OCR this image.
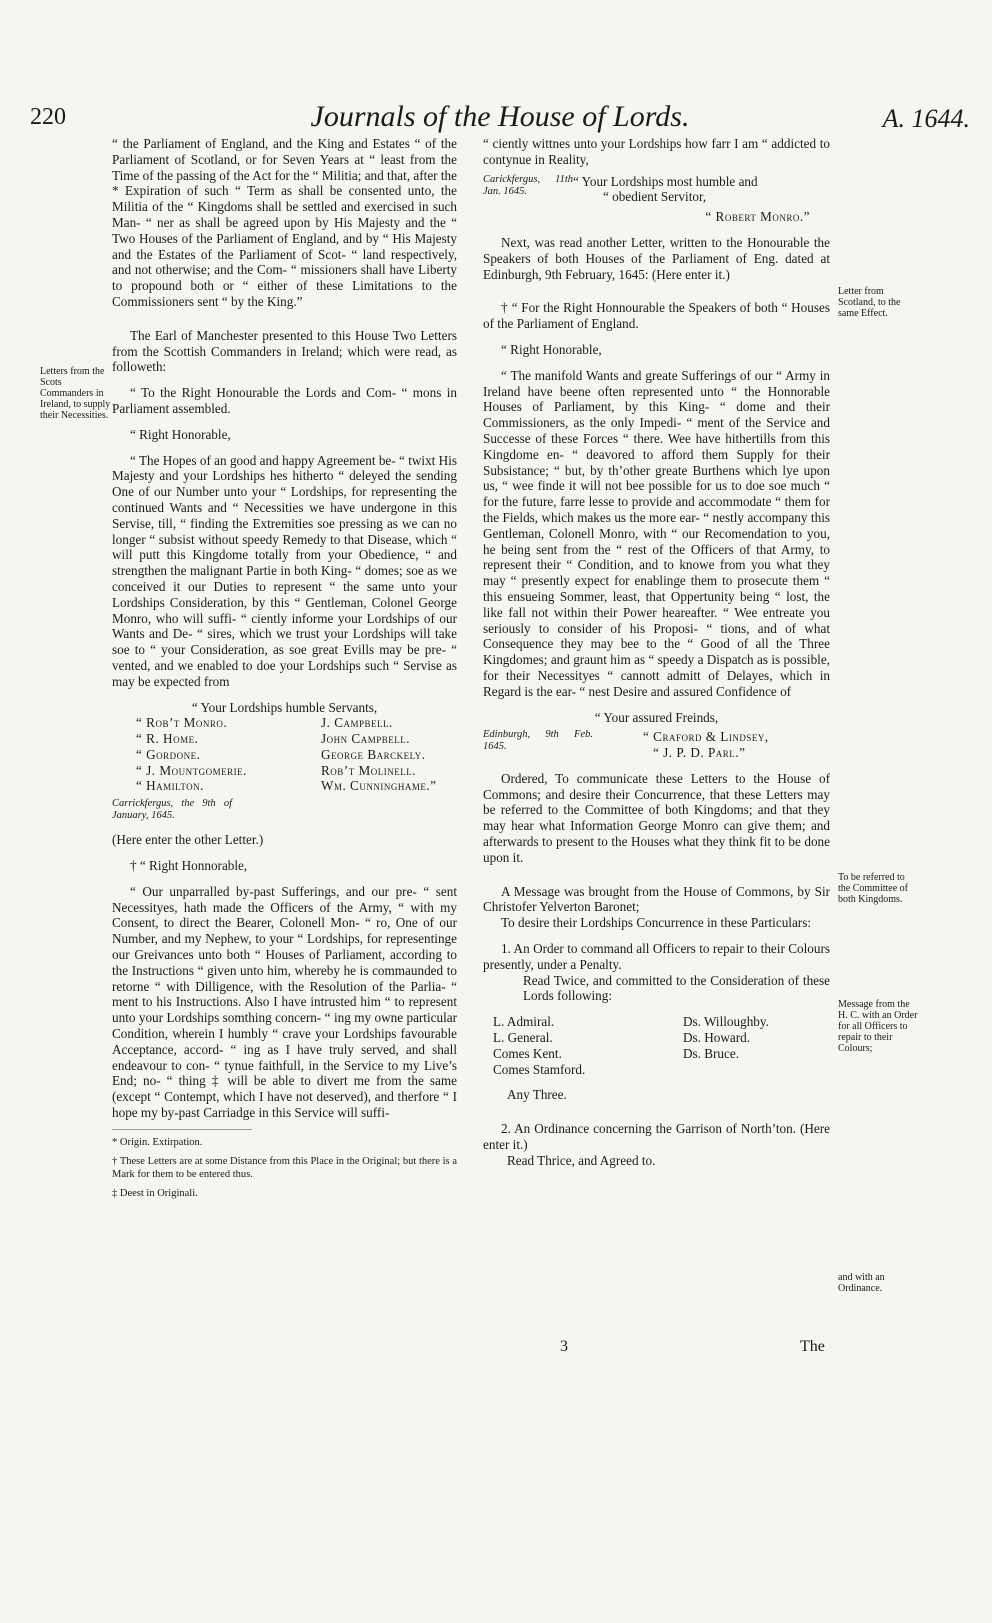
220	Journals of the House of Lords.	A. 1644.
Letters from the Scots Commanders in Ireland, to supply their Necessities.
Letter from Scotland, to the same Effect.
To be referred to the Committee of both Kingdoms.
Message from the H. C. with an Order for all Officers to repair to their Colours;
and with an Ordinance.

“ the Parliament of England, and the King and Estates “ of the Parliament of Scotland, or for Seven Years at “ least from the Time of the passing of the Act for the “ Militia; and that, after the * Expiration of such “ Term as shall be consented unto, the Militia of the “ Kingdoms shall be settled and exercised in such Man- “ ner as shall be agreed upon by His Majesty and the “ Two Houses of the Parliament of England, and by “ His Majesty and the Estates of the Parliament of Scot- “ land respectively, and not otherwise; and the Com- “ missioners shall have Liberty to propound both or “ either of these Limitations to the Commissioners sent “ by the King.”

The Earl of Manchester presented to this House Two Letters from the Scottish Commanders in Ireland; which were read, as followeth:

“ To the Right Honourable the Lords and Com- “ mons in Parliament assembled.

“ Right Honorable,

“ The Hopes of an good and happy Agreement be- “ twixt His Majesty and your Lordships hes hitherto “ deleyed the sending One of our Number unto your “ Lordships, for representing the continued Wants and “ Necessities we have undergone in this Servise, till, “ finding the Extremities soe pressing as we can no longer “ subsist without speedy Remedy to that Disease, which “ will putt this Kingdome totally from your Obedience, “ and strengthen the malignant Partie in both King- “ domes; soe as we conceived it our Duties to represent “ the same unto your Lordships Consideration, by this “ Gentleman, Colonel George Monro, who will suffi- “ ciently informe your Lordships of our Wants and De- “ sires, which we trust your Lordships will take soe to “ your Consideration, as soe great Evills may be pre- “ vented, and we enabled to doe your Lordships such “ Servise as may be expected from

“ Your Lordships humble Servants,

“ Rob’t Monro.	J. Campbell.
“ R. Home.	John Campbell.
“ Gordone.	George Barckely.
“ J. Mountgomerie.	Rob’t Molinell.
“ Hamilton.	Wm. Cunninghame.”
Carrickfergus, the 9th of January, 1645.

(Here enter the other Letter.)

† “ Right Honnorable,

“ Our unparralled by-past Sufferings, and our pre- “ sent Necessityes, hath made the Officers of the Army, “ with my Consent, to direct the Bearer, Colonell Mon- “ ro, One of our Number, and my Nephew, to your “ Lordships, for representinge our Greivances unto both “ Houses of Parliament, according to the Instructions “ given unto him, whereby he is commaunded to retorne “ with Dilligence, with the Resolution of the Parlia- “ ment to his Instructions. Also I have intrusted him “ to represent unto your Lordships somthing concern- “ ing my owne particular Condition, wherein I humbly “ crave your Lordships favourable Acceptance, accord- “ ing as I have truly served, and shall endeavour to con- “ tynue faithfull, in the Service to my Live’s End; no- “ thing ‡ will be able to divert me from the same (except “ Contempt, which I have not deserved), and therfore “ I hope my by-past Carriadge in this Service will suffi-

* Origin. Extirpation.

† These Letters are at some Distance from this Place in the Original; but there is a Mark for them to be entered thus.

‡ Deest in Originali.

“ ciently wittnes unto your Lordships how farr I am “ addicted to contynue in Reality,

Carickfergus, 11th Jan. 1645.
“ Your Lordships most humble and
“ obedient Servitor,
“ Robert Monro.”

Next, was read another Letter, written to the Honourable the Speakers of both Houses of the Parliament of Eng. dated at Edinburgh, 9th February, 1645: (Here enter it.)

† “ For the Right Honnourable the Speakers of both “ Houses of the Parliament of England.

“ Right Honorable,

“ The manifold Wants and greate Sufferings of our “ Army in Ireland have beene often represented unto “ the Honnorable Houses of Parliament, by this King- “ dome and their Commissioners, as the only Impedi- “ ment of the Service and Successe of these Forces “ there. Wee have hithertills from this Kingdome en- “ deavored to afford them Supply for their Subsistance; “ but, by th’other greate Burthens which lye upon us, “ wee finde it will not bee possible for us to doe soe much “ for the future, farre lesse to provide and accommodate “ them for the Fields, which makes us the more ear- “ nestly accompany this Gentleman, Colonell Monro, with “ our Recomendation to you, he being sent from the “ rest of the Officers of that Army, to represent their “ Condition, and to knowe from you what they may “ presently expect for enablinge them to prosecute them “ this ensueing Sommer, least, that Oppertunity being “ lost, the like fall not within their Power heareafter. “ Wee entreate you seriously to consider of his Proposi- “ tions, and of what Consequence they may bee to the “ Good of all the Three Kingdomes; and graunt him as “ speedy a Dispatch as is possible, for their Necessityes “ cannott admitt of Delayes, which in Regard is the ear- “ nest Desire and assured Confidence of

“ Your assured Freinds,

Edinburgh, 9th Feb. 1645.
“ Craford & Lindsey,
“ J. P. D. Parl.”

Ordered, To communicate these Letters to the House of Commons; and desire their Concurrence, that these Letters may be referred to the Committee of both Kingdoms; and that they may hear what Information George Monro can give them; and afterwards to present to the Houses what they think fit to be done upon it.

A Message was brought from the House of Commons, by Sir Christofer Yelverton Baronet;

To desire their Lordships Concurrence in these Particulars:

1. An Order to command all Officers to repair to their Colours presently, under a Penalty.

Read Twice, and committed to the Consideration of these Lords following:

L. Admiral.	Ds. Willoughby.
L. General.	Ds. Howard.
Comes Kent.	Ds. Bruce.
Comes Stamford.

Any Three.

2. An Ordinance concerning the Garrison of North’ton. (Here enter it.)

Read Thrice, and Agreed to.

3	The
